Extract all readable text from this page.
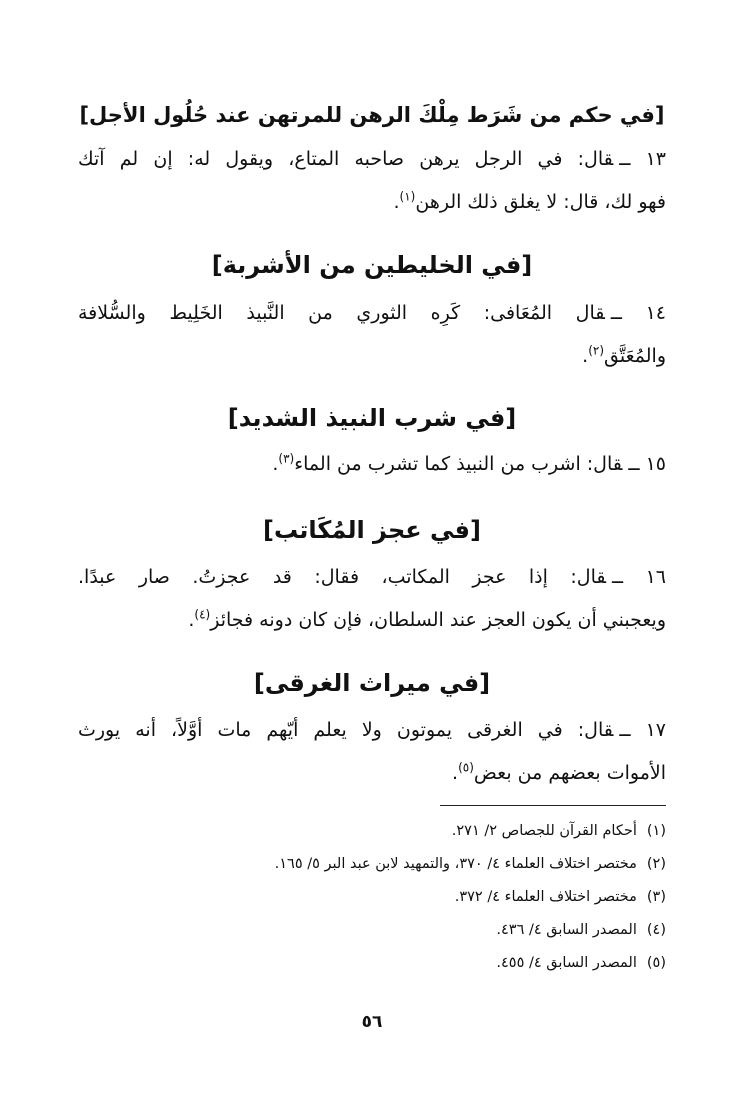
[في حكم من شَرَط مِلْكَ الرهن للمرتهن عند حُلُول الأجل]
١٣ ــقال: في الرجل يرهن صاحبه المتاع، ويقول له: إن لم آتك
فهو لك، قال: لا يغلق ذلك الرهن$^{(١)}$.
[في الخليطين من الأشربة]
١٤ ــقال المُعَافى: كَرِه الثوري من النَّبيذ الخَلِيط والسُّلافة
والمُعَتَّق$^{(٢)}$.
[في شرب النبيذ الشديد]
١٥ ــقال: اشرب من النبيذ كما تشرب من الماء$^{(٣)}$.
[في عجز المُكَاتب]
١٦ ــقال: إذا عجز المكاتب، فقال: قد عجزتُ. صار عبدًا.
ويعجبني أن يكون العجز عند السلطان، فإن كان دونه فجائز$^{(٤)}$.
[في ميراث الغرقى]
١٧ ــقال: في الغرقى يموتون ولا يعلم أيّهم مات أوَّلاً، أنه يورث
الأموات بعضهم من بعض$^{(٥)}$.
(١)أحكام القرآن للجصاص ٢/ ٢٧١.
(٢)مختصر اختلاف العلماء ٤/ ٣٧٠، والتمهيد لابن عبد البر ٥/ ١٦٥.
(٣)مختصر اختلاف العلماء ٤/ ٣٧٢.
(٤)المصدر السابق ٤/ ٤٣٦.
(٥)المصدر السابق ٤/ ٤٥٥.
٥٦
